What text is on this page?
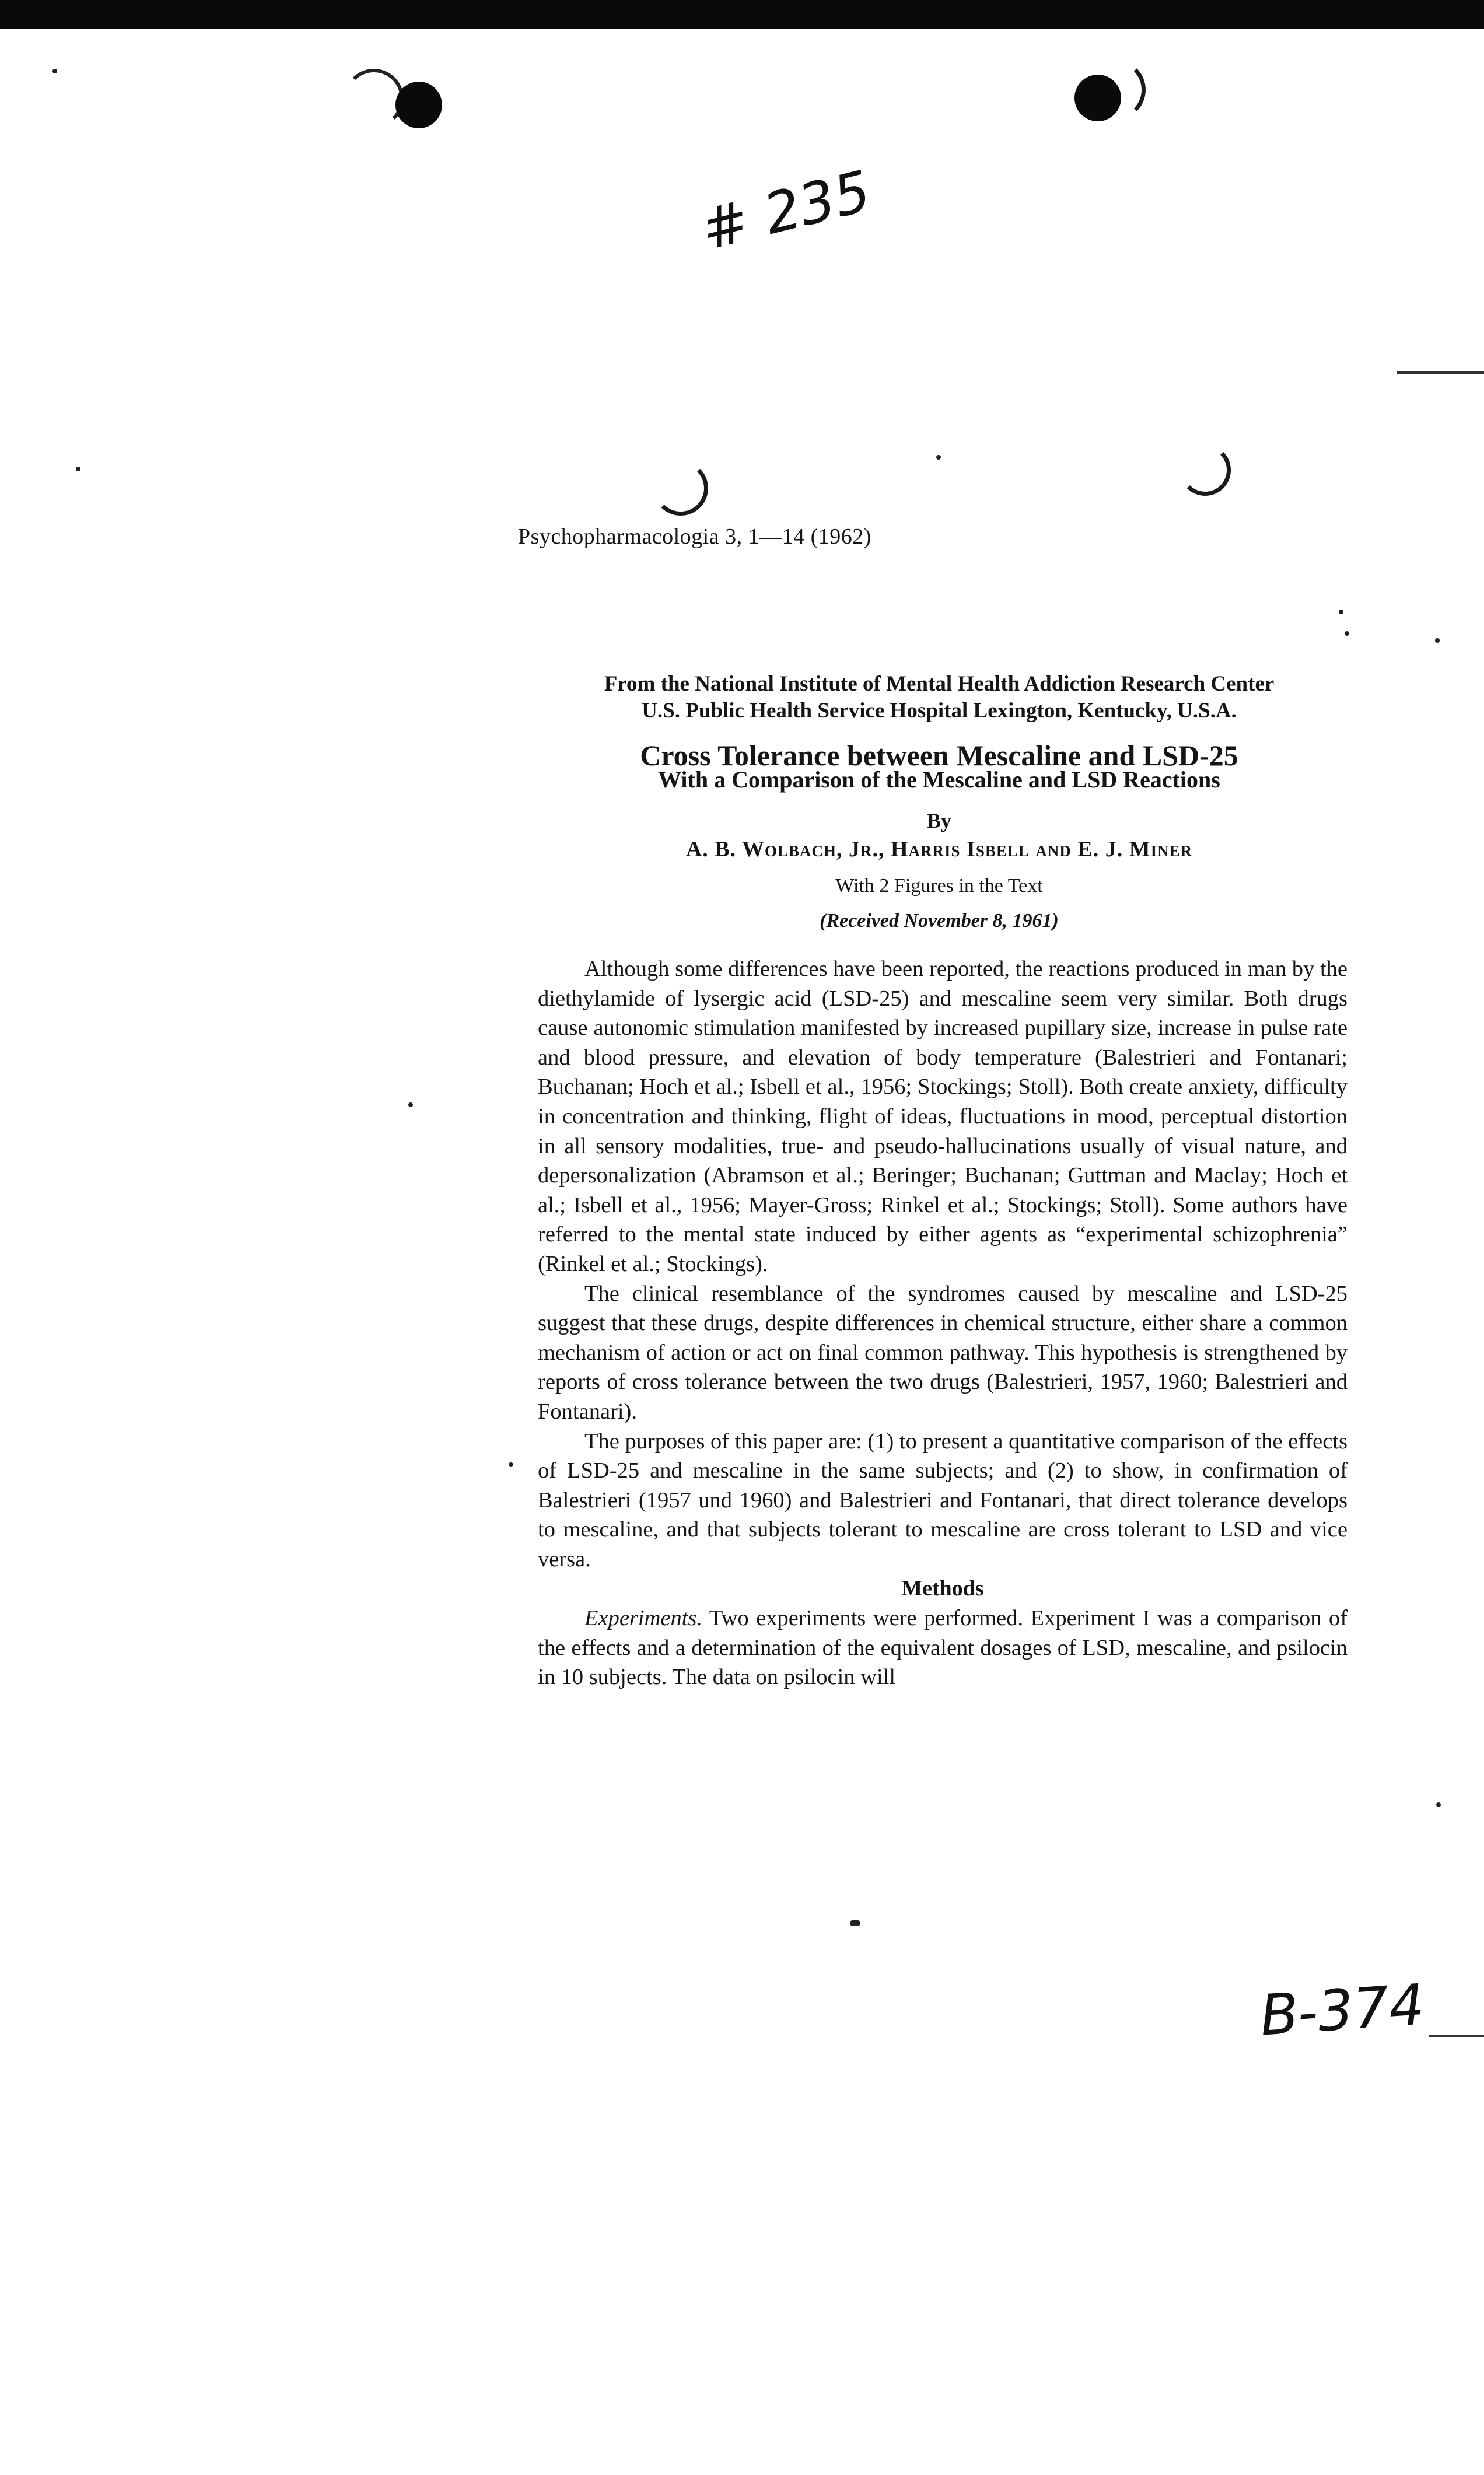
# 235
Psychopharmacologia 3, 1—14 (1962)
From the National Institute of Mental Health Addiction Research Center
U.S. Public Health Service Hospital Lexington, Kentucky, U.S.A.
Cross Tolerance between Mescaline and LSD-25
With a Comparison of the Mescaline and LSD Reactions
By
A. B. Wolbach, Jr., Harris Isbell and E. J. Miner
With 2 Figures in the Text
(Received November 8, 1961)

Although some differences have been reported, the reactions produced in man by the diethylamide of lysergic acid (LSD-25) and mescaline seem very similar. Both drugs cause autonomic stimulation manifested by increased pupillary size, increase in pulse rate and blood pressure, and elevation of body temperature (Balestrieri and Fontanari; Buchanan; Hoch et al.; Isbell et al., 1956; Stockings; Stoll). Both create anxiety, difficulty in concentration and thinking, flight of ideas, fluctuations in mood, perceptual distortion in all sensory modalities, true- and pseudo-hallucinations usually of visual nature, and depersonalization (Abramson et al.; Beringer; Buchanan; Guttman and Maclay; Hoch et al.; Isbell et al., 1956; Mayer-Gross; Rinkel et al.; Stockings; Stoll). Some authors have referred to the mental state induced by either agents as “experimental schizophrenia” (Rinkel et al.; Stockings).

The clinical resemblance of the syndromes caused by mescaline and LSD-25 suggest that these drugs, despite differences in chemical structure, either share a common mechanism of action or act on final common pathway. This hypothesis is strengthened by reports of cross tolerance between the two drugs (Balestrieri, 1957, 1960; Balestrieri and Fontanari).

The purposes of this paper are: (1) to present a quantitative comparison of the effects of LSD-25 and mescaline in the same subjects; and (2) to show, in confirmation of Balestrieri (1957 und 1960) and Balestrieri and Fontanari, that direct tolerance develops to mescaline, and that subjects tolerant to mescaline are cross tolerant to LSD and vice versa.

Methods

Experiments. Two experiments were performed. Experiment I was a comparison of the effects and a determination of the equivalent dosages of LSD, mescaline, and psilocin in 10 subjects. The data on psilocin will

B-374
